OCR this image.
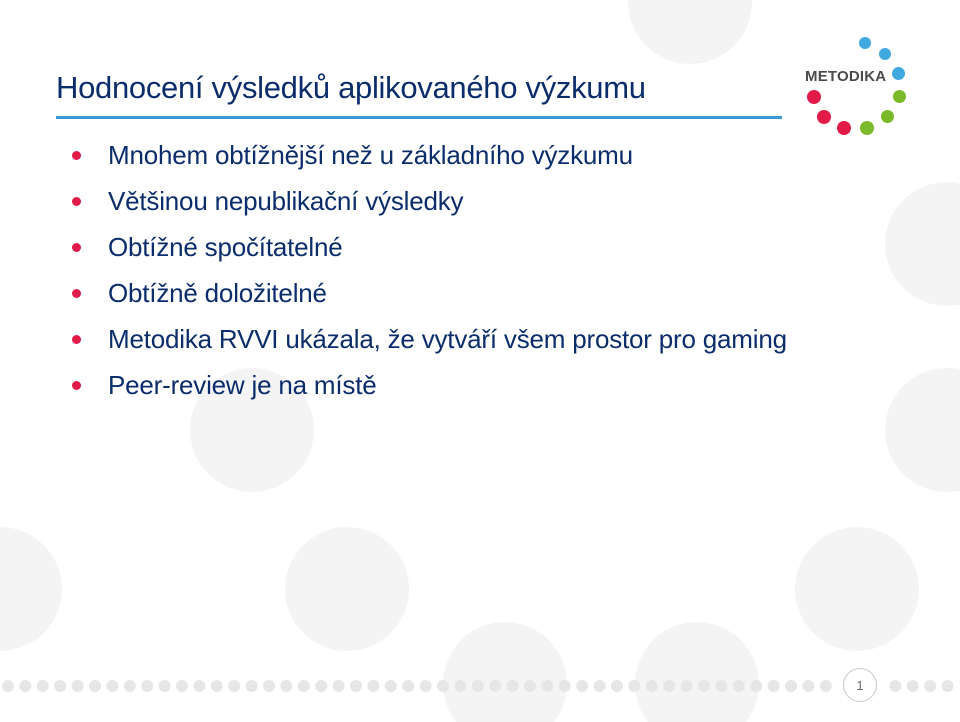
Hodnocení výsledků aplikovaného výzkumu
Mnohem obtížnější než u základního výzkumu
Většinou nepublikační výsledky
Obtížné spočítatelné
Obtížně doložitelné
Metodika RVVI ukázala, že vytváří všem prostor pro gaming
Peer-review je na místě
METODIKA
1
